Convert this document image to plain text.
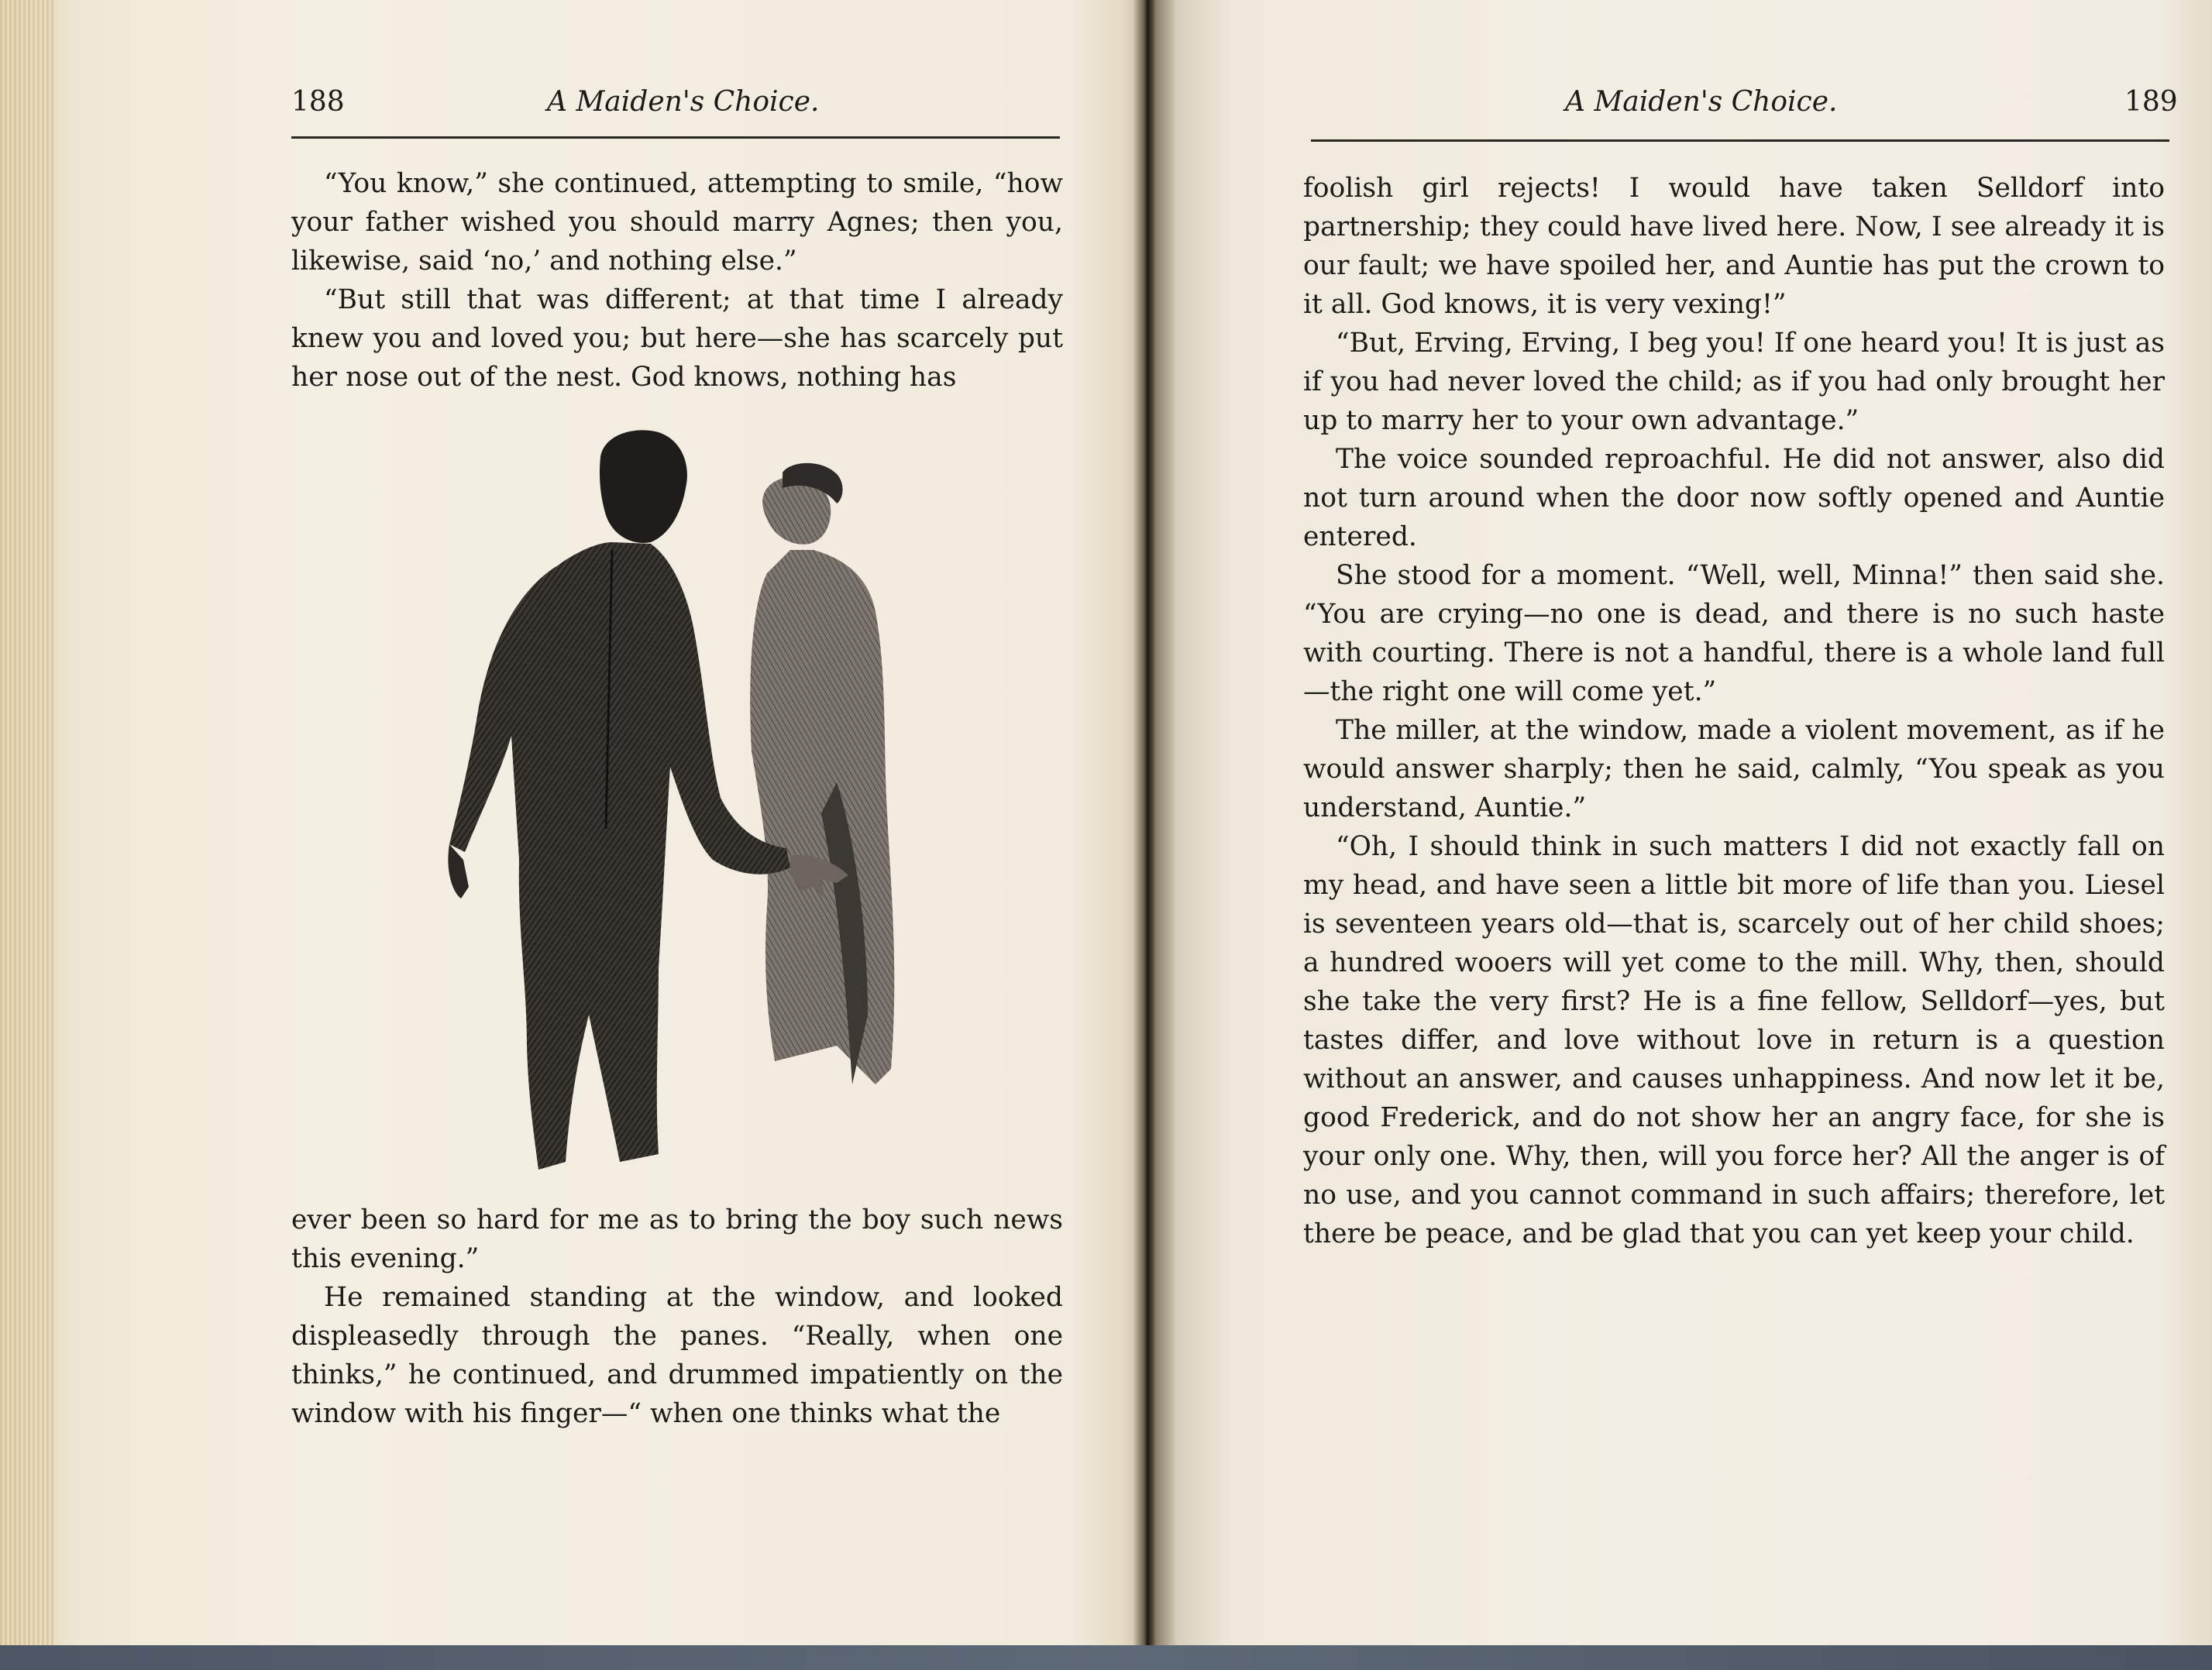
188	A Maiden's Choice.

“You know,” she continued, attempting to smile, “how your father wished you should marry Agnes; then you, likewise, said ‘no,’ and nothing else.”

“But still that was different; at that time I already knew you and loved you; but here—she has scarcely put her nose out of the nest. God knows, nothing has

ever been so hard for me as to bring the boy such news this evening.”

He remained standing at the window, and looked displeasedly through the panes. “Really, when one thinks,” he continued, and drummed impatiently on the window with his finger—“ when one thinks what the

A Maiden's Choice.	189

foolish girl rejects! I would have taken Selldorf into partnership; they could have lived here. Now, I see already it is our fault; we have spoiled her, and Auntie has put the crown to it all. God knows, it is very vexing!”

“But, Erving, Erving, I beg you! If one heard you! It is just as if you had never loved the child; as if you had only brought her up to marry her to your own advantage.”

The voice sounded reproachful. He did not answer, also did not turn around when the door now softly opened and Auntie entered.

She stood for a moment. “Well, well, Minna!” then said she. “You are crying—no one is dead, and there is no such haste with courting. There is not a handful, there is a whole land full—the right one will come yet.”

The miller, at the window, made a violent movement, as if he would answer sharply; then he said, calmly, “You speak as you understand, Auntie.”

“Oh, I should think in such matters I did not exactly fall on my head, and have seen a little bit more of life than you. Liesel is seventeen years old—that is, scarcely out of her child shoes; a hundred wooers will yet come to the mill. Why, then, should she take the very first? He is a fine fellow, Selldorf—yes, but tastes differ, and love without love in return is a question without an answer, and causes unhappiness. And now let it be, good Frederick, and do not show her an angry face, for she is your only one. Why, then, will you force her? All the anger is of no use, and you cannot command in such affairs; therefore, let there be peace, and be glad that you can yet keep your child.
